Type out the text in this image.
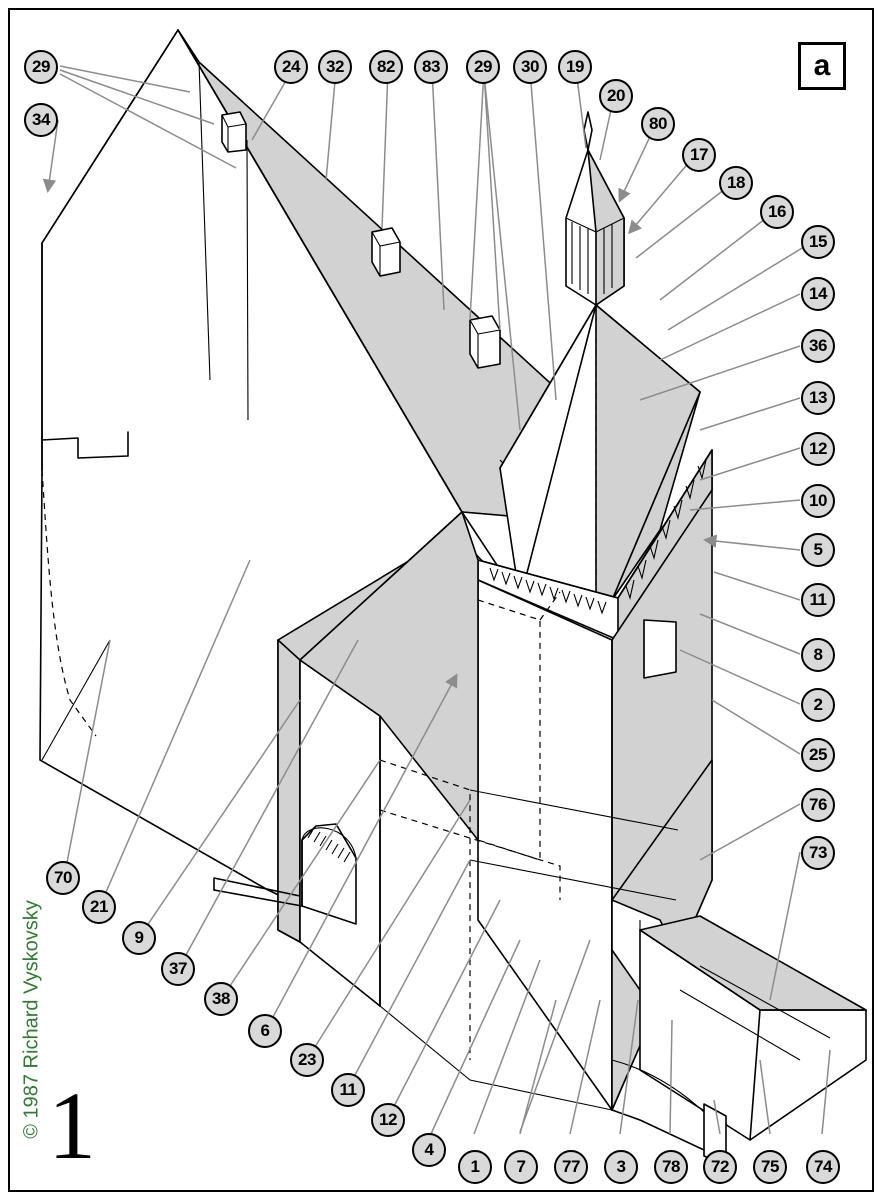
a
1
© 1987 Richard Vyskovsky
29
34
24	32	82	83	29	30	19
20
80
17
18
16
15
14
36
13
12
10
5
11
8
2
25
76
73
70
21
9
37
38
6
23
11
12
4
1	7	77	3	78	72	75	74
